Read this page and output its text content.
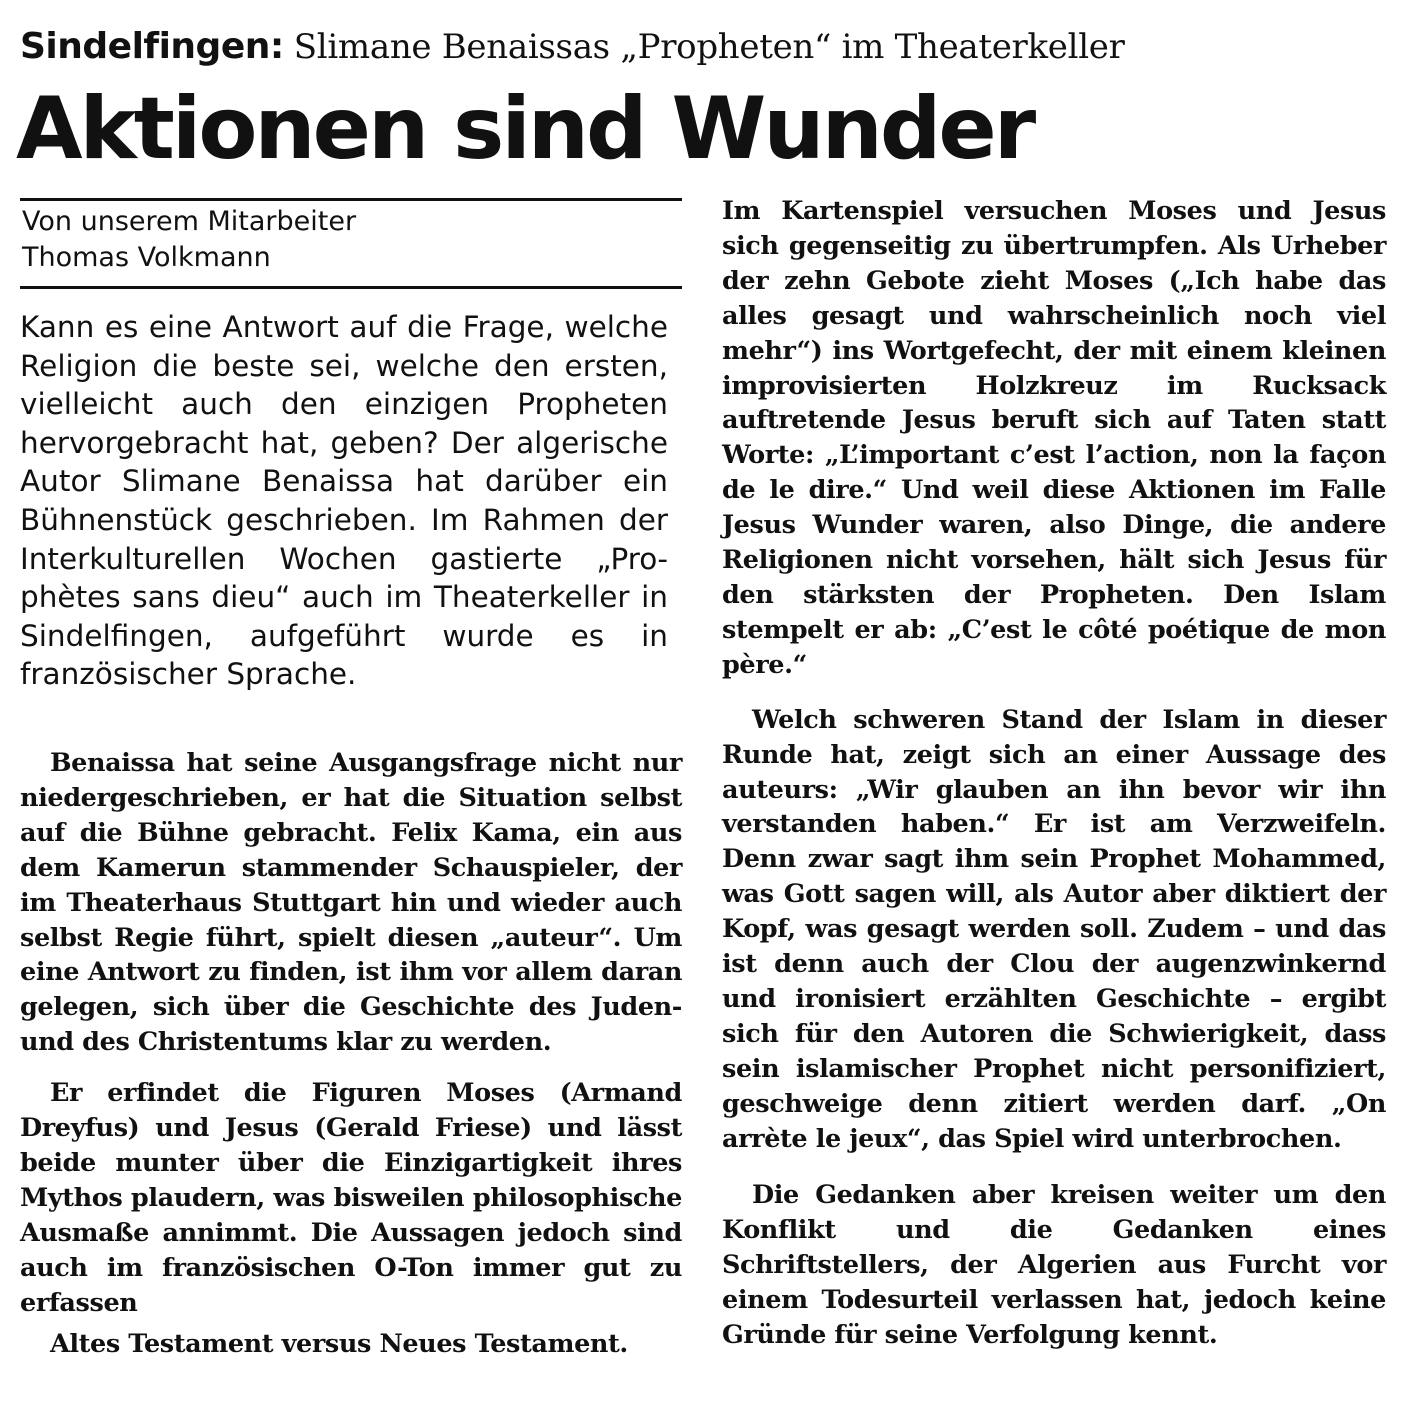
Sindelfingen: Slimane Benaissas „Propheten“ im Theaterkeller
Aktionen sind Wunder
Von unserem Mitarbeiter
Thomas Volkmann
Kann es eine Antwort auf die Frage, welche Religion die beste sei, welche den ersten, vielleicht auch den einzigen Propheten hervorgebracht hat, geben? Der algerische Autor Slimane Benaissa hat darüber ein Bühnenstück geschrieben. Im Rahmen der Interkulturellen Wochen gastierte „Prophètes sans dieu“ auch im Theaterkeller in Sindelfingen, aufgeführt wurde es in französischer Sprache.

Benaissa hat seine Ausgangsfrage nicht nur niedergeschrieben, er hat die Situation selbst auf die Bühne gebracht. Felix Kama, ein aus dem Kamerun stammender Schauspieler, der im Theaterhaus Stuttgart hin und wieder auch selbst Regie führt, spielt diesen „auteur“. Um eine Antwort zu finden, ist ihm vor allem daran gelegen, sich über die Geschichte des Juden- und des Christentums klar zu werden.

Er erfindet die Figuren Moses (Armand Dreyfus) und Jesus (Gerald Friese) und lässt beide munter über die Einzigartigkeit ihres Mythos plaudern, was bisweilen philosophische Ausmaße annimmt. Die Aussagen jedoch sind auch im französischen O-Ton immer gut zu erfassen

Altes Testament versus Neues Testament.

Im Kartenspiel versuchen Moses und Jesus sich gegenseitig zu übertrumpfen. Als Urheber der zehn Gebote zieht Moses („Ich habe das alles gesagt und wahrscheinlich noch viel mehr“) ins Wortgefecht, der mit einem kleinen improvisierten Holzkreuz im Rucksack auftretende Jesus beruft sich auf Taten statt Worte: „L’important c’est l’action, non la façon de le dire.“ Und weil diese Aktionen im Falle Jesus Wunder waren, also Dinge, die andere Religionen nicht vorsehen, hält sich Jesus für den stärksten der Propheten. Den Islam stempelt er ab: „C’est le côté poétique de mon père.“

Welch schweren Stand der Islam in dieser Runde hat, zeigt sich an einer Aussage des auteurs: „Wir glauben an ihn bevor wir ihn verstanden haben.“ Er ist am Verzweifeln. Denn zwar sagt ihm sein Prophet Mohammed, was Gott sagen will, als Autor aber diktiert der Kopf, was gesagt werden soll. Zudem – und das ist denn auch der Clou der augenzwinkernd und ironisiert erzählten Geschichte – ergibt sich für den Autoren die Schwierigkeit, dass sein islamischer Prophet nicht personifiziert, geschweige denn zitiert werden darf. „On arrète le jeux“, das Spiel wird unterbrochen.

Die Gedanken aber kreisen weiter um den Konflikt und die Gedanken eines Schriftstellers, der Algerien aus Furcht vor einem Todesurteil verlassen hat, jedoch keine Gründe für seine Verfolgung kennt.
